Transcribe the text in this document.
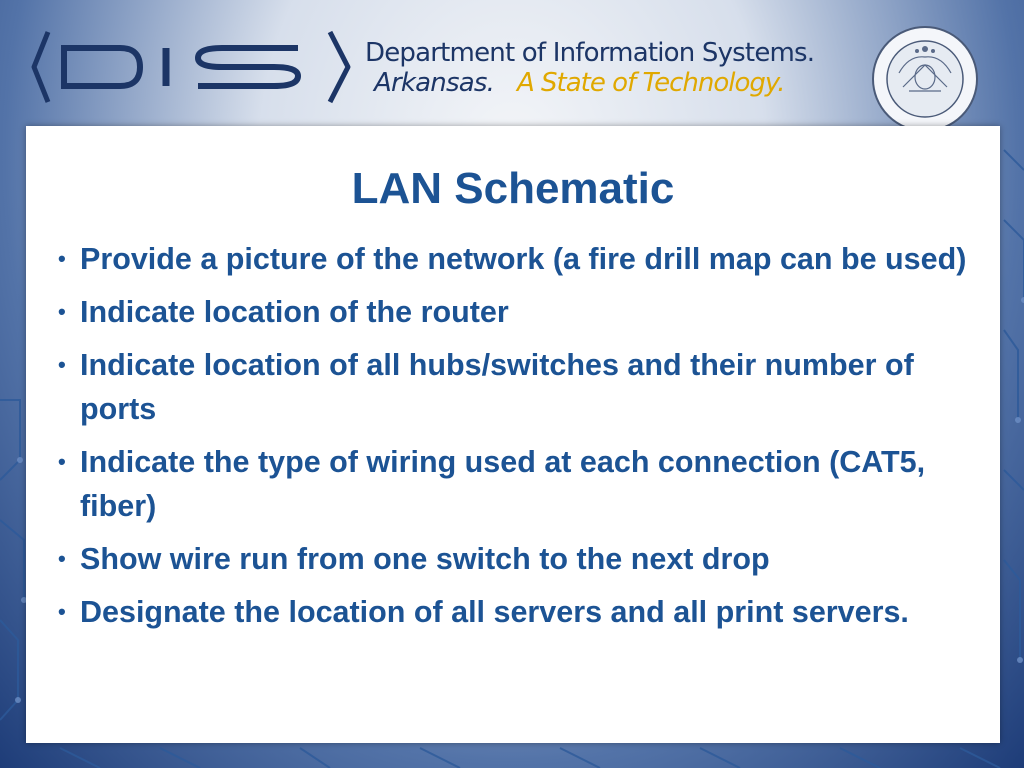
Department of Information Systems.
Arkansas. A State of Technology.
LAN Schematic
• Provide a picture of the network (a fire drill map can be used)
• Indicate location of the router
• Indicate location of all hubs/switches and their number of ports
• Indicate the type of wiring used at each connection (CAT5, fiber)
• Show wire run from one switch to the next drop
• Designate the location of all servers and all print servers.
